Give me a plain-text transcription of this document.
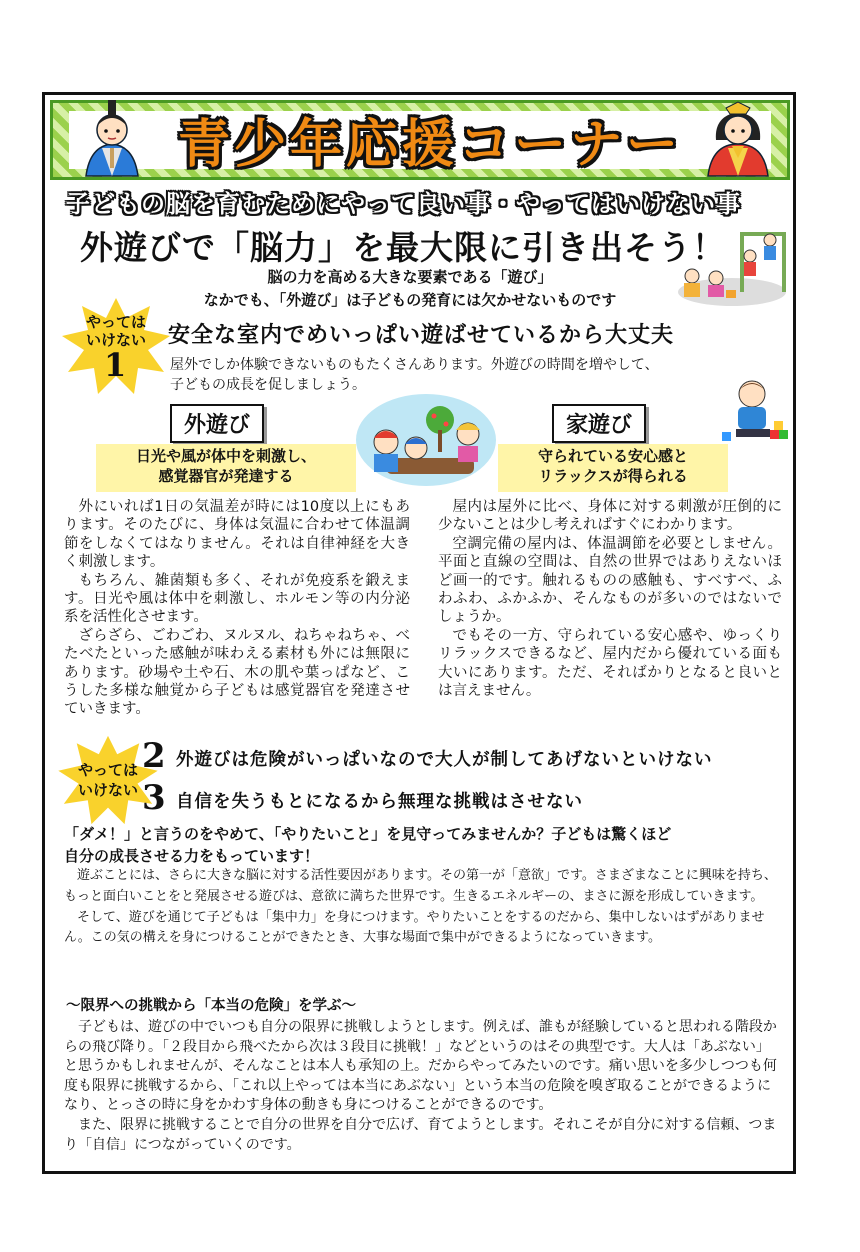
青少年応援コーナー
子どもの脳を育むためにやって良い事・やってはいけない事
外遊びで「脳力」を最大限に引き出そう！
脳の力を高める大きな要素である「遊び」
なかでも、「外遊び」は子どもの発育には欠かせないものです
やっては
いけない
1
安全な室内でめいっぱい遊ばせているから大丈夫
屋外でしか体験できないものもたくさんあります。外遊びの時間を増やして、
子どもの成長を促しましょう。
外遊び	家遊び
日光や風が体中を刺激し、
感覚器官が発達する
守られている安心感と
リラックスが得られる

外にいれば1日の気温差が時には10度以上にもあります。そのたびに、身体は気温に合わせて体温調節をしなくてはなりません。それは自律神経を大きく刺激します。

もちろん、雑菌類も多く、それが免疫系を鍛えます。日光や風は体中を刺激し、ホルモン等の内分泌系を活性化させます。

ざらざら、ごわごわ、ヌルヌル、ねちゃねちゃ、べたべたといった感触が味わえる素材も外には無限にあります。砂場や土や石、木の肌や葉っぱなど、こうした多様な触覚から子どもは感覚器官を発達させていきます。

屋内は屋外に比べ、身体に対する刺激が圧倒的に少ないことは少し考えればすぐにわかります。

空調完備の屋内は、体温調節を必要としません。平面と直線の空間は、自然の世界ではありえないほど画一的です。触れるものの感触も、すべすべ、ふわふわ、ふかふか、そんなものが多いのではないでしょうか。

でもその一方、守られている安心感や、ゆっくりリラックスできるなど、屋内だから優れている面も大いにあります。ただ、そればかりとなると良いとは言えません。

やっては
いけない
2 外遊びは危険がいっぱいなので大人が制してあげないといけない
3 自信を失うもとになるから無理な挑戦はさせない
「ダメ！」と言うのをやめて、「やりたいこと」を見守ってみませんか？子どもは驚くほど
自分の成長させる力をもっています！

遊ぶことには、さらに大きな脳に対する活性要因があります。その第一が「意欲」です。さまざまなことに興味を持ち、もっと面白いことをと発展させる遊びは、意欲に満ちた世界です。生きるエネルギーの、まさに源を形成していきます。

そして、遊びを通じて子どもは「集中力」を身につけます。やりたいことをするのだから、集中しないはずがありません。この気の構えを身につけることができたとき、大事な場面で集中ができるようになっていきます。

～限界への挑戦から「本当の危険」を学ぶ～

子どもは、遊びの中でいつも自分の限界に挑戦しようとします。例えば、誰もが経験していると思われる階段からの飛び降り。「２段目から飛べたから次は３段目に挑戦！」などというのはその典型です。大人は「あぶない」と思うかもしれませんが、そんなことは本人も承知の上。だからやってみたいのです。痛い思いを多少しつつも何度も限界に挑戦するから、「これ以上やっては本当にあぶない」という本当の危険を嗅ぎ取ることができるようになり、とっさの時に身をかわす身体の動きも身につけることができるのです。

また、限界に挑戦することで自分の世界を自分で広げ、育てようとします。それこそが自分に対する信頼、つまり「自信」につながっていくのです。
